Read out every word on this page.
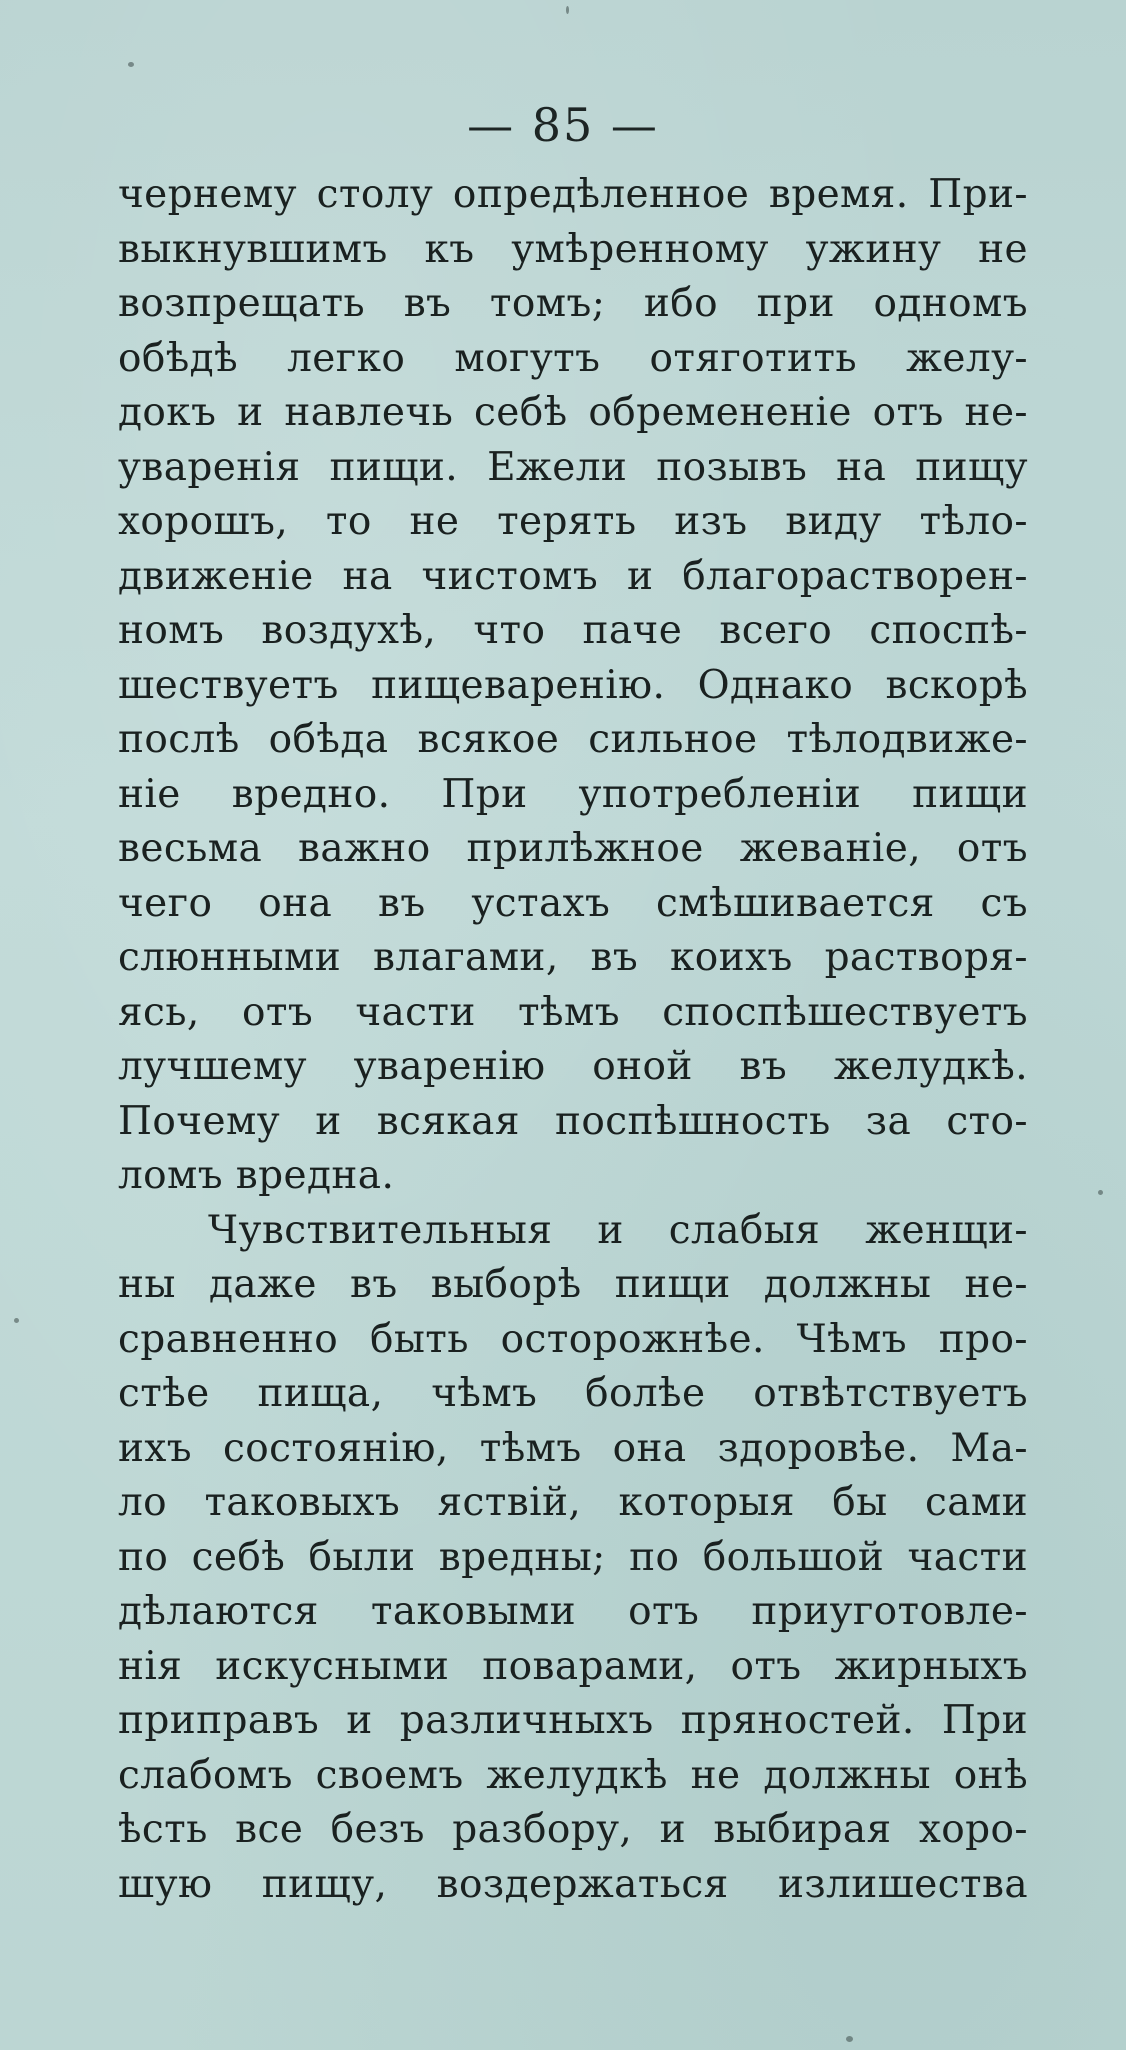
— 85 —
чернему столу опредѣленное время. При-
выкнувшимъ къ умѣренному ужину не
возпрещать въ томъ; ибо при одномъ
обѣдѣ легко могутъ отяготить желу-
докъ и навлечь себѣ обремененіе отъ не-
уваренія пищи. Ежели позывъ на пищу
хорошъ, то не терять изъ виду тѣло-
движеніе на чистомъ и благорастворен-
номъ воздухѣ, что паче всего споспѣ-
шествуетъ пищеваренію. Однако вскорѣ
послѣ обѣда всякое сильное тѣлодвиже-
ніе вредно. При употребленіи пищи
весьма важно прилѣжное жеваніе, отъ
чего она въ устахъ смѣшивается съ
слюнными влагами, въ коихъ растворя-
ясь, отъ части тѣмъ споспѣшествуетъ
лучшему уваренію оной въ желудкѣ.
Почему и всякая поспѣшность за сто-
ломъ вредна.
Чувствительныя и слабыя женщи-
ны даже въ выборѣ пищи должны не-
сравненно быть осторожнѣе. Чѣмъ про-
стѣе пища, чѣмъ болѣе отвѣтствуетъ
ихъ состоянію, тѣмъ она здоровѣе. Ма-
ло таковыхъ яствій, которыя бы сами
по себѣ были вредны; по большой части
дѣлаются таковыми отъ приуготовле-
нія искусными поварами, отъ жирныхъ
приправъ и различныхъ пряностей. При
слабомъ своемъ желудкѣ не должны онѣ
ѣсть все безъ разбору, и выбирая хоро-
шую пищу, воздержаться излишества
